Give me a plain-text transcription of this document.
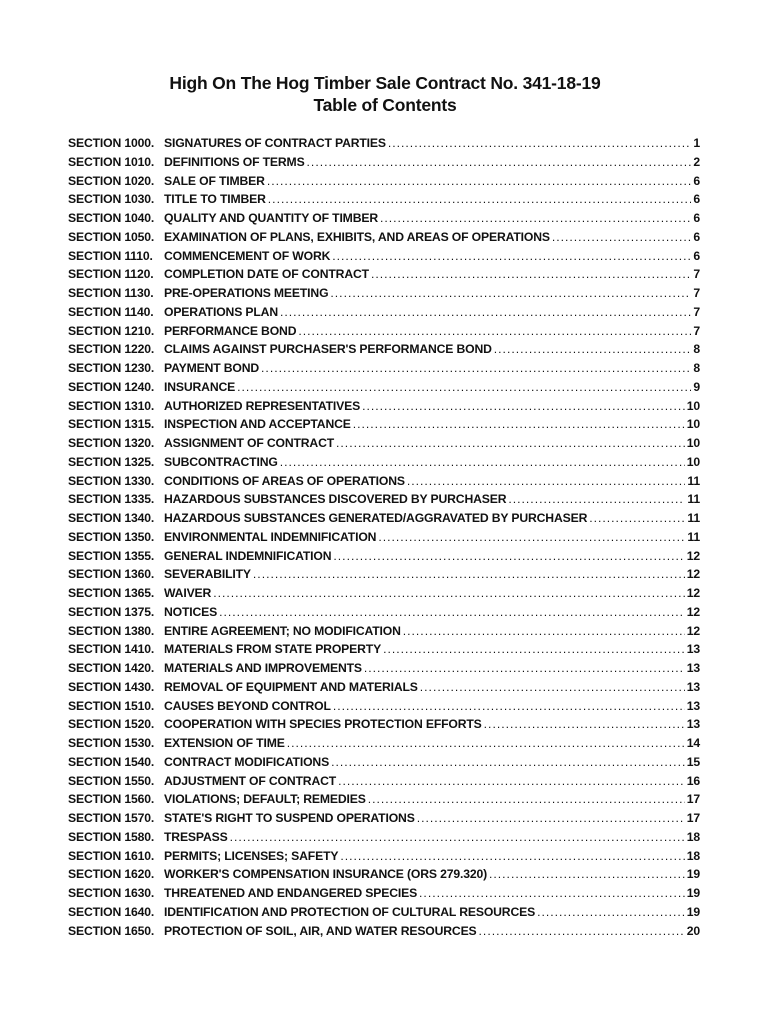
High On The Hog Timber Sale Contract No. 341-18-19
Table of Contents
SECTION 1000. SIGNATURES OF CONTRACT PARTIES .....	1
SECTION 1010. DEFINITIONS OF TERMS .....	2
SECTION 1020. SALE OF TIMBER .....	6
SECTION 1030. TITLE TO TIMBER .....	6
SECTION 1040. QUALITY AND QUANTITY OF TIMBER .....	6
SECTION 1050. EXAMINATION OF PLANS, EXHIBITS, AND AREAS OF OPERATIONS .....	6
SECTION 1110. COMMENCEMENT OF WORK .....	6
SECTION 1120. COMPLETION DATE OF CONTRACT .....	7
SECTION 1130. PRE-OPERATIONS MEETING .....	7
SECTION 1140. OPERATIONS PLAN .....	7
SECTION 1210. PERFORMANCE BOND .....	7
SECTION 1220. CLAIMS AGAINST PURCHASER'S PERFORMANCE BOND .....	8
SECTION 1230. PAYMENT BOND .....	8
SECTION 1240. INSURANCE .....	9
SECTION 1310. AUTHORIZED REPRESENTATIVES .....	10
SECTION 1315. INSPECTION AND ACCEPTANCE .....	10
SECTION 1320. ASSIGNMENT OF CONTRACT .....	10
SECTION 1325. SUBCONTRACTING .....	10
SECTION 1330. CONDITIONS OF AREAS OF OPERATIONS .....	11
SECTION 1335. HAZARDOUS SUBSTANCES DISCOVERED BY PURCHASER .....	11
SECTION 1340. HAZARDOUS SUBSTANCES GENERATED/AGGRAVATED BY PURCHASER .....	11
SECTION 1350. ENVIRONMENTAL INDEMNIFICATION .....	11
SECTION 1355. GENERAL INDEMNIFICATION .....	12
SECTION 1360. SEVERABILITY .....	12
SECTION 1365. WAIVER .....	12
SECTION 1375. NOTICES .....	12
SECTION 1380. ENTIRE AGREEMENT; NO MODIFICATION .....	12
SECTION 1410. MATERIALS FROM STATE PROPERTY .....	13
SECTION 1420. MATERIALS AND IMPROVEMENTS .....	13
SECTION 1430. REMOVAL OF EQUIPMENT AND MATERIALS .....	13
SECTION 1510. CAUSES BEYOND CONTROL .....	13
SECTION 1520. COOPERATION WITH SPECIES PROTECTION EFFORTS .....	13
SECTION 1530. EXTENSION OF TIME .....	14
SECTION 1540. CONTRACT MODIFICATIONS .....	15
SECTION 1550. ADJUSTMENT OF CONTRACT .....	16
SECTION 1560. VIOLATIONS; DEFAULT; REMEDIES .....	17
SECTION 1570. STATE'S RIGHT TO SUSPEND OPERATIONS .....	17
SECTION 1580. TRESPASS .....	18
SECTION 1610. PERMITS; LICENSES; SAFETY .....	18
SECTION 1620. WORKER'S COMPENSATION INSURANCE (ORS 279.320) .....	19
SECTION 1630. THREATENED AND ENDANGERED SPECIES .....	19
SECTION 1640. IDENTIFICATION AND PROTECTION OF CULTURAL RESOURCES .....	19
SECTION 1650. PROTECTION OF SOIL, AIR, AND WATER RESOURCES .....	20
